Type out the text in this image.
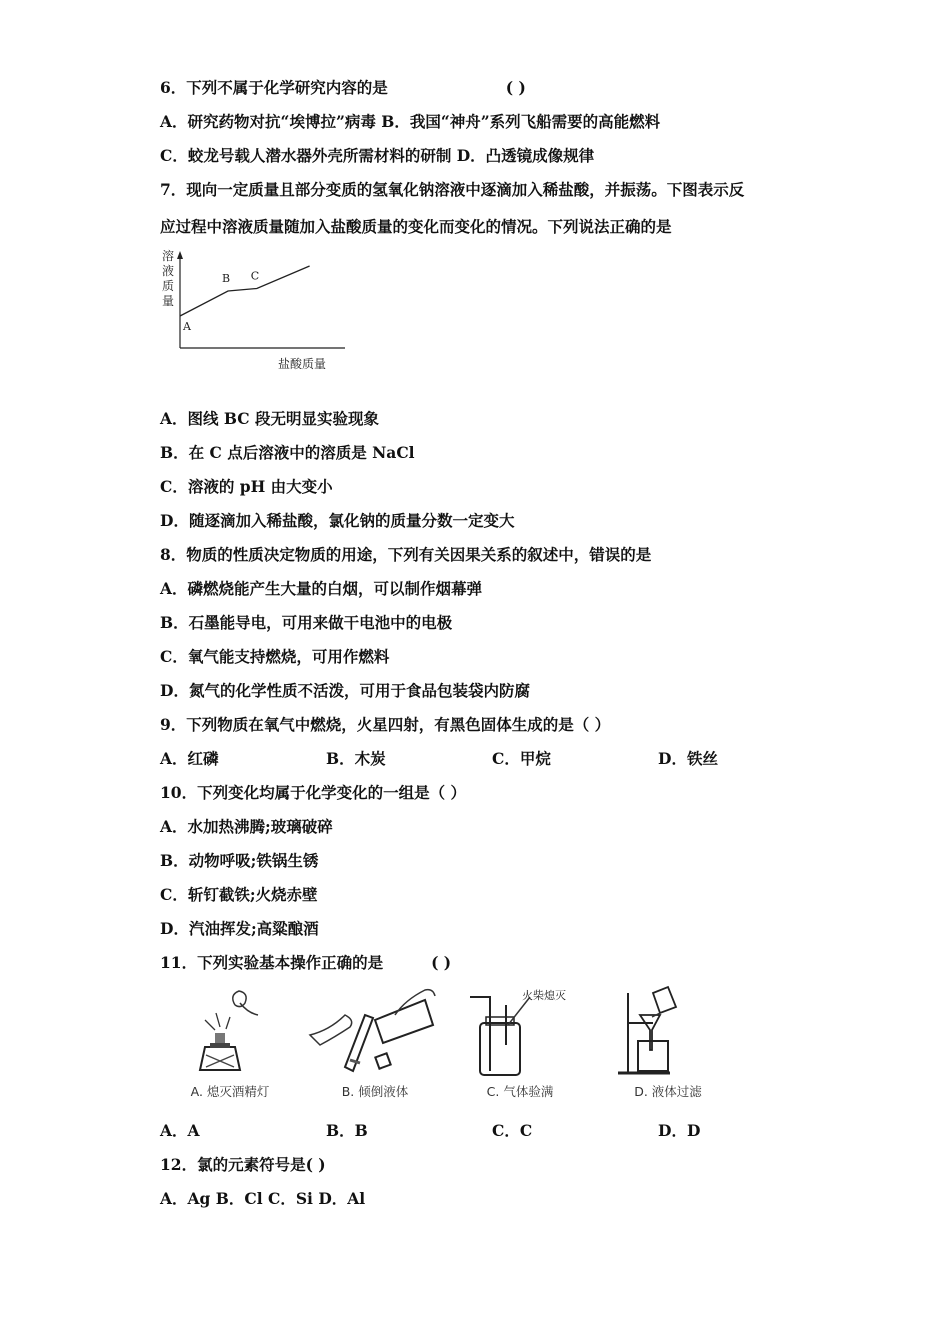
6．下列不属于化学研究内容的是	( )
A．研究药物对抗“埃博拉”病毒 B．我国“神舟”系列飞船需要的高能燃料
C．蛟龙号载人潜水器外壳所需材料的研制 D．凸透镜成像规律
7．现向一定质量且部分变质的氢氧化钠溶液中逐滴加入稀盐酸，并振荡。下图表示反
应过程中溶液质量随加入盐酸质量的变化而变化的情况。下列说法正确的是
溶
液
质
量
盐酸质量
A
B C
A．图线 BC 段无明显实验现象
B．在 C 点后溶液中的溶质是 NaCl
C．溶液的 pH 由大变小
D．随逐滴加入稀盐酸，氯化钠的质量分数一定变大
8．物质的性质决定物质的用途，下列有关因果关系的叙述中，错误的是
A．磷燃烧能产生大量的白烟，可以制作烟幕弹
B．石墨能导电，可用来做干电池中的电极
C．氧气能支持燃烧，可用作燃料
D．氮气的化学性质不活泼，可用于食品包装袋内防腐
9．下列物质在氧气中燃烧，火星四射，有黑色固体生成的是（ ）
A．红磷	B．木炭	C．甲烷	D．铁丝
10．下列变化均属于化学变化的一组是（ ）
A．水加热沸腾;玻璃破碎
B．动物呼吸;铁锅生锈
C．斩钉截铁;火烧赤壁
D．汽油挥发;高粱酿酒
11．下列实验基本操作正确的是	( )
A. 熄灭酒精灯	B. 倾倒液体
火柴熄灭
C. 气体验满	D. 液体过滤
A．A	B．B	C．C	D．D
12．氯的元素符号是( )
A．Ag B．Cl C．Si D．Al
